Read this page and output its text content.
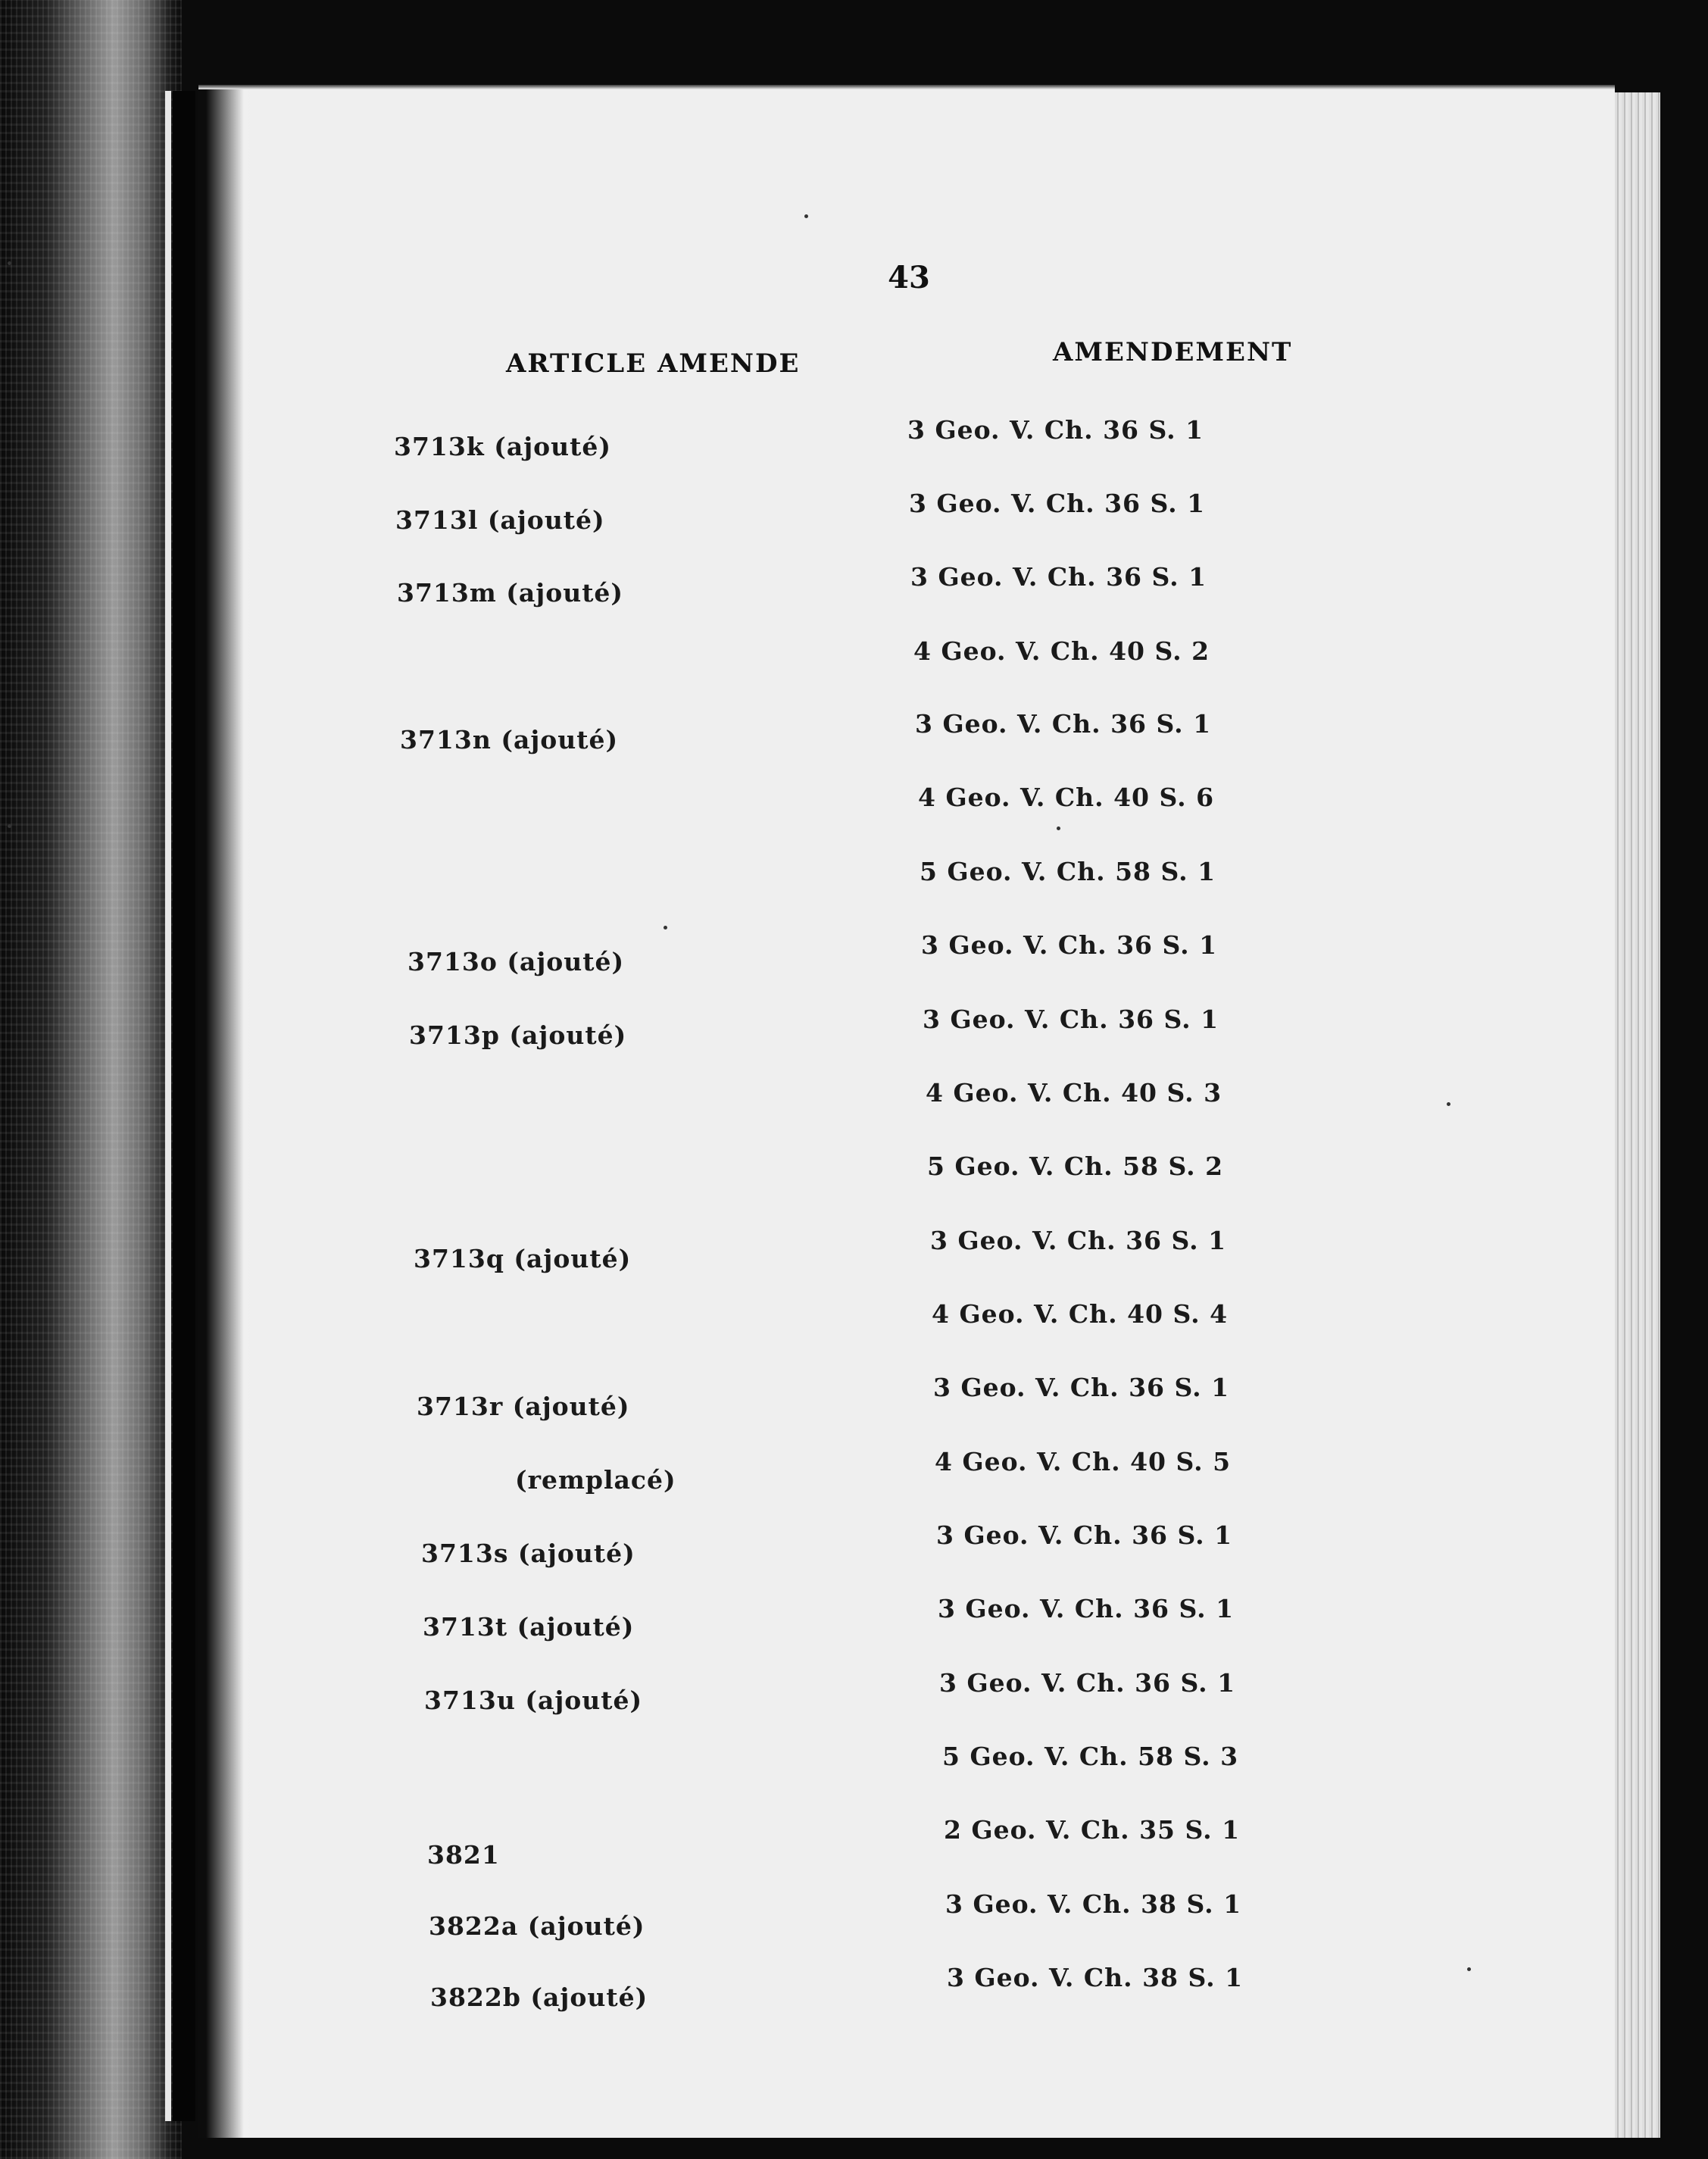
43
ARTICLE AMENDE	AMENDEMENT
3713k (ajouté)
3713l (ajouté)
3713m (ajouté)
3713n (ajouté)
3713o (ajouté)
3713p (ajouté)
3713q (ajouté)
3713r (ajouté)
(remplacé)
3713s (ajouté)
3713t (ajouté)
3713u (ajouté)
3821
3822a (ajouté)
3822b (ajouté)
3 Geo. V. Ch. 36 S. 1
3 Geo. V. Ch. 36 S. 1
3 Geo. V. Ch. 36 S. 1
4 Geo. V. Ch. 40 S. 2
3 Geo. V. Ch. 36 S. 1
4 Geo. V. Ch. 40 S. 6
5 Geo. V. Ch. 58 S. 1
3 Geo. V. Ch. 36 S. 1
3 Geo. V. Ch. 36 S. 1
4 Geo. V. Ch. 40 S. 3
5 Geo. V. Ch. 58 S. 2
3 Geo. V. Ch. 36 S. 1
4 Geo. V. Ch. 40 S. 4
3 Geo. V. Ch. 36 S. 1
4 Geo. V. Ch. 40 S. 5
3 Geo. V. Ch. 36 S. 1
3 Geo. V. Ch. 36 S. 1
3 Geo. V. Ch. 36 S. 1
5 Geo. V. Ch. 58 S. 3
2 Geo. V. Ch. 35 S. 1
3 Geo. V. Ch. 38 S. 1
3 Geo. V. Ch. 38 S. 1
